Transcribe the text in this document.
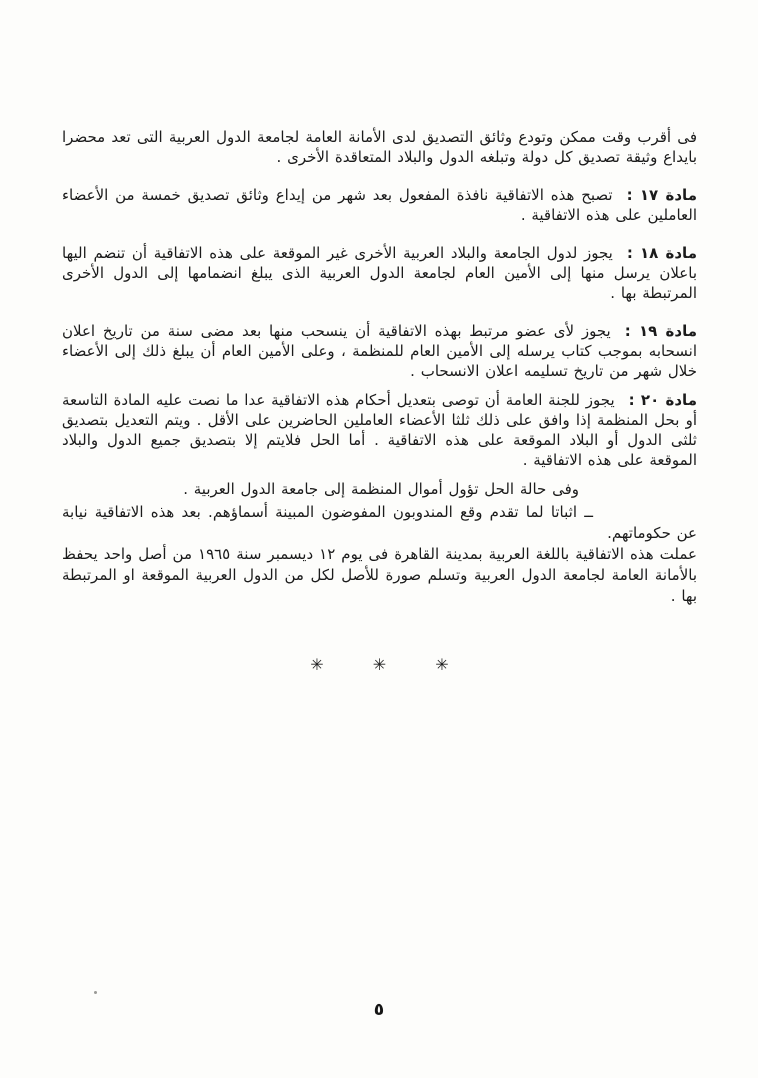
فى أقرب وقت ممكن وتودع وثائق التصديق لدى الأمانة العامة لجامعة الدول العربية التى تعد محضرا بايداع وثيقة تصديق كل دولة وتبلغه الدول والبلاد المتعاقدة الأخرى .

مادة ١٧ :تصبح هذه الاتفاقية نافذة المفعول بعد شهر من إيداع وثائق تصديق خمسة من الأعضاء العاملين على هذه الاتفاقية .

مادة ١٨ :يجوز لدول الجامعة والبلاد العربية الأخرى غير الموقعة على هذه الاتفاقية أن تنضم اليها باعلان يرسل منها إلى الأمين العام لجامعة الدول العربية الذى يبلغ انضمامها إلى الدول الأخرى المرتبطة بها .

مادة ١٩ :يجوز لأى عضو مرتبط بهذه الاتفاقية أن ينسحب منها بعد مضى سنة من تاريخ اعلان انسحابه بموجب كتاب يرسله إلى الأمين العام للمنظمة ، وعلى الأمين العام أن يبلغ ذلك إلى الأعضاء خلال شهر من تاريخ تسليمه اعلان الانسحاب .

مادة ٢٠ :يجوز للجنة العامة أن توصى بتعديل أحكام هذه الاتفاقية عدا ما نصت عليه المادة التاسعة أو بحل المنظمة إذا وافق على ذلك ثلثا الأعضاء العاملين الحاضرين على الأقل . ويتم التعديل بتصديق ثلثى الدول أو البلاد الموقعة على هذه الاتفاقية . أما الحل فلايتم إلا بتصديق جميع الدول والبلاد الموقعة على هذه الاتفاقية .

وفى حالة الحل تؤول أموال المنظمة إلى جامعة الدول العربية .

ــ اثباتا لما تقدم وقع المندوبون المفوضون المبينة أسماؤهم. بعد هذه الاتفاقية نيابة عن حكوماتهم.

عملت هذه الاتفاقية باللغة العربية بمدينة القاهرة فى يوم ١٢ ديسمبر سنة ١٩٦٥ من أصل واحد يحفظ بالأمانة العامة لجامعة الدول العربية وتسلم صورة للأصل لكل من الدول العربية الموقعة او المرتبطة بها .

✳	✳	✳
٥
